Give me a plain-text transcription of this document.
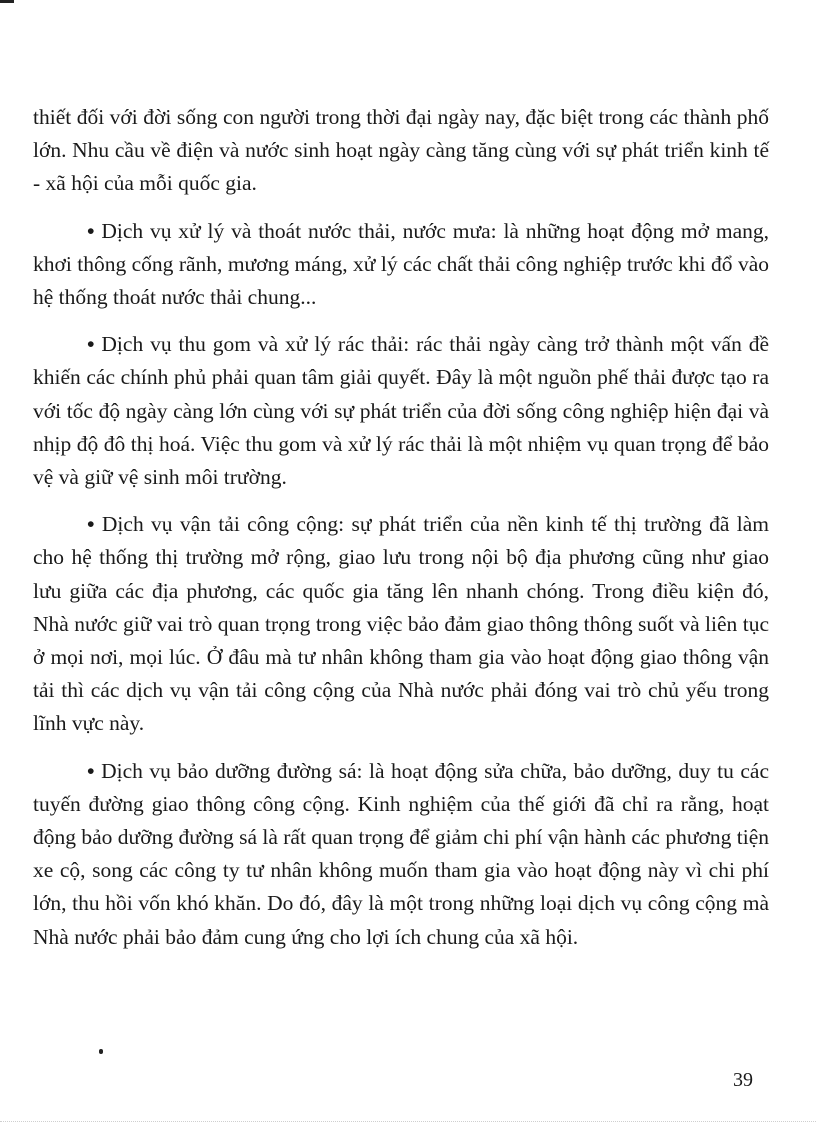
thiết đối với đời sống con người trong thời đại ngày nay, đặc biệt trong các thành phố lớn. Nhu cầu về điện và nước sinh hoạt ngày càng tăng cùng với sự phát triển kinh tế - xã hội của mỗi quốc gia.

• Dịch vụ xử lý và thoát nước thải, nước mưa: là những hoạt động mở mang, khơi thông cống rãnh, mương máng, xử lý các chất thải công nghiệp trước khi đổ vào hệ thống thoát nước thải chung...

• Dịch vụ thu gom và xử lý rác thải: rác thải ngày càng trở thành một vấn đề khiến các chính phủ phải quan tâm giải quyết. Đây là một nguồn phế thải được tạo ra với tốc độ ngày càng lớn cùng với sự phát triển của đời sống công nghiệp hiện đại và nhịp độ đô thị hoá. Việc thu gom và xử lý rác thải là một nhiệm vụ quan trọng để bảo vệ và giữ vệ sinh môi trường.

• Dịch vụ vận tải công cộng: sự phát triển của nền kinh tế thị trường đã làm cho hệ thống thị trường mở rộng, giao lưu trong nội bộ địa phương cũng như giao lưu giữa các địa phương, các quốc gia tăng lên nhanh chóng. Trong điều kiện đó, Nhà nước giữ vai trò quan trọng trong việc bảo đảm giao thông thông suốt và liên tục ở mọi nơi, mọi lúc. Ở đâu mà tư nhân không tham gia vào hoạt động giao thông vận tải thì các dịch vụ vận tải công cộng của Nhà nước phải đóng vai trò chủ yếu trong lĩnh vực này.

• Dịch vụ bảo dưỡng đường sá: là hoạt động sửa chữa, bảo dưỡng, duy tu các tuyến đường giao thông công cộng. Kinh nghiệm của thế giới đã chỉ ra rằng, hoạt động bảo dưỡng đường sá là rất quan trọng để giảm chi phí vận hành các phương tiện xe cộ, song các công ty tư nhân không muốn tham gia vào hoạt động này vì chi phí lớn, thu hồi vốn khó khăn. Do đó, đây là một trong những loại dịch vụ công cộng mà Nhà nước phải bảo đảm cung ứng cho lợi ích chung của xã hội.

39
